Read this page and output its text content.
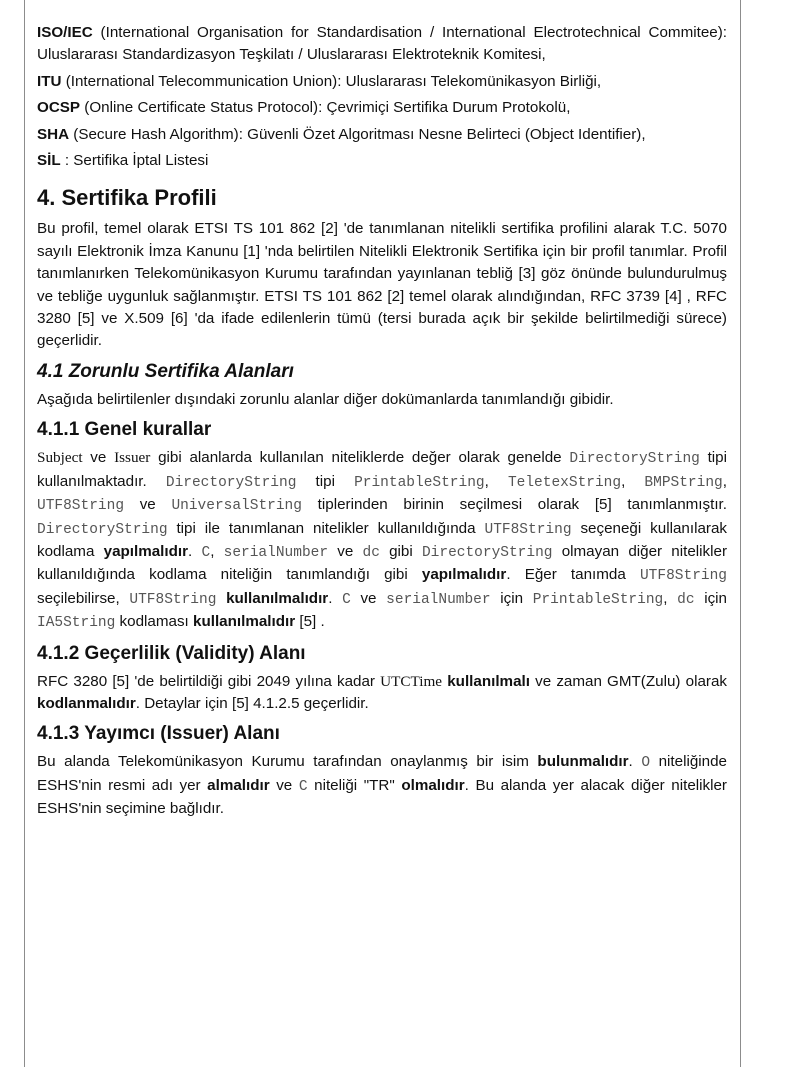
ISO/IEC (International Organisation for Standardisation / International Electrotechnical Commitee): Uluslararası Standardizasyon Teşkilatı / Uluslararası Elektroteknik Komitesi,

ITU (International Telecommunication Union): Uluslararası Telekomünikasyon Birliği,

OCSP (Online Certificate Status Protocol): Çevrimiçi Sertifika Durum Protokolü,

SHA (Secure Hash Algorithm): Güvenli Özet Algoritması Nesne Belirteci (Object Identifier),

SİL : Sertifika İptal Listesi

4. Sertifika Profili

Bu profil, temel olarak ETSI TS 101 862 [2] 'de tanımlanan nitelikli sertifika profilini alarak T.C. 5070 sayılı Elektronik İmza Kanunu [1] 'nda belirtilen Nitelikli Elektronik Sertifika için bir profil tanımlar. Profil tanımlanırken Telekomünikasyon Kurumu tarafından yayınlanan tebliğ [3] göz önünde bulundurulmuş ve tebliğe uygunluk sağlanmıştır. ETSI TS 101 862 [2] temel olarak alındığından, RFC 3739 [4] , RFC 3280 [5] ve X.509 [6] 'da ifade edilenlerin tümü (tersi burada açık bir şekilde belirtilmediği sürece) geçerlidir.

4.1 Zorunlu Sertifika Alanları

Aşağıda belirtilenler dışındaki zorunlu alanlar diğer dokümanlarda tanımlandığı gibidir.

4.1.1 Genel kurallar

Subject ve Issuer gibi alanlarda kullanılan niteliklerde değer olarak genelde DirectoryString tipi kullanılmaktadır. DirectoryString tipi PrintableString, TeletexString, BMPString, UTF8String ve UniversalString tiplerinden birinin seçilmesi olarak [5] tanımlanmıştır. DirectoryString tipi ile tanımlanan nitelikler kullanıldığında UTF8String seçeneği kullanılarak kodlama yapılmalıdır. C, serialNumber ve dc gibi DirectoryString olmayan diğer nitelikler kullanıldığında kodlama niteliğin tanımlandığı gibi yapılmalıdır. Eğer tanımda UTF8String seçilebilirse, UTF8String kullanılmalıdır. C ve serialNumber için PrintableString, dc için IA5String kodlaması kullanılmalıdır [5] .

4.1.2 Geçerlilik (Validity) Alanı

RFC 3280 [5] 'de belirtildiği gibi 2049 yılına kadar UTCTime kullanılmalı ve zaman GMT(Zulu) olarak kodlanmalıdır. Detaylar için [5] 4.1.2.5 geçerlidir.

4.1.3 Yayımcı (Issuer) Alanı

Bu alanda Telekomünikasyon Kurumu tarafından onaylanmış bir isim bulunmalıdır. O niteliğinde ESHS'nin resmi adı yer almalıdır ve C niteliği "TR" olmalıdır. Bu alanda yer alacak diğer nitelikler ESHS'nin seçimine bağlıdır.
